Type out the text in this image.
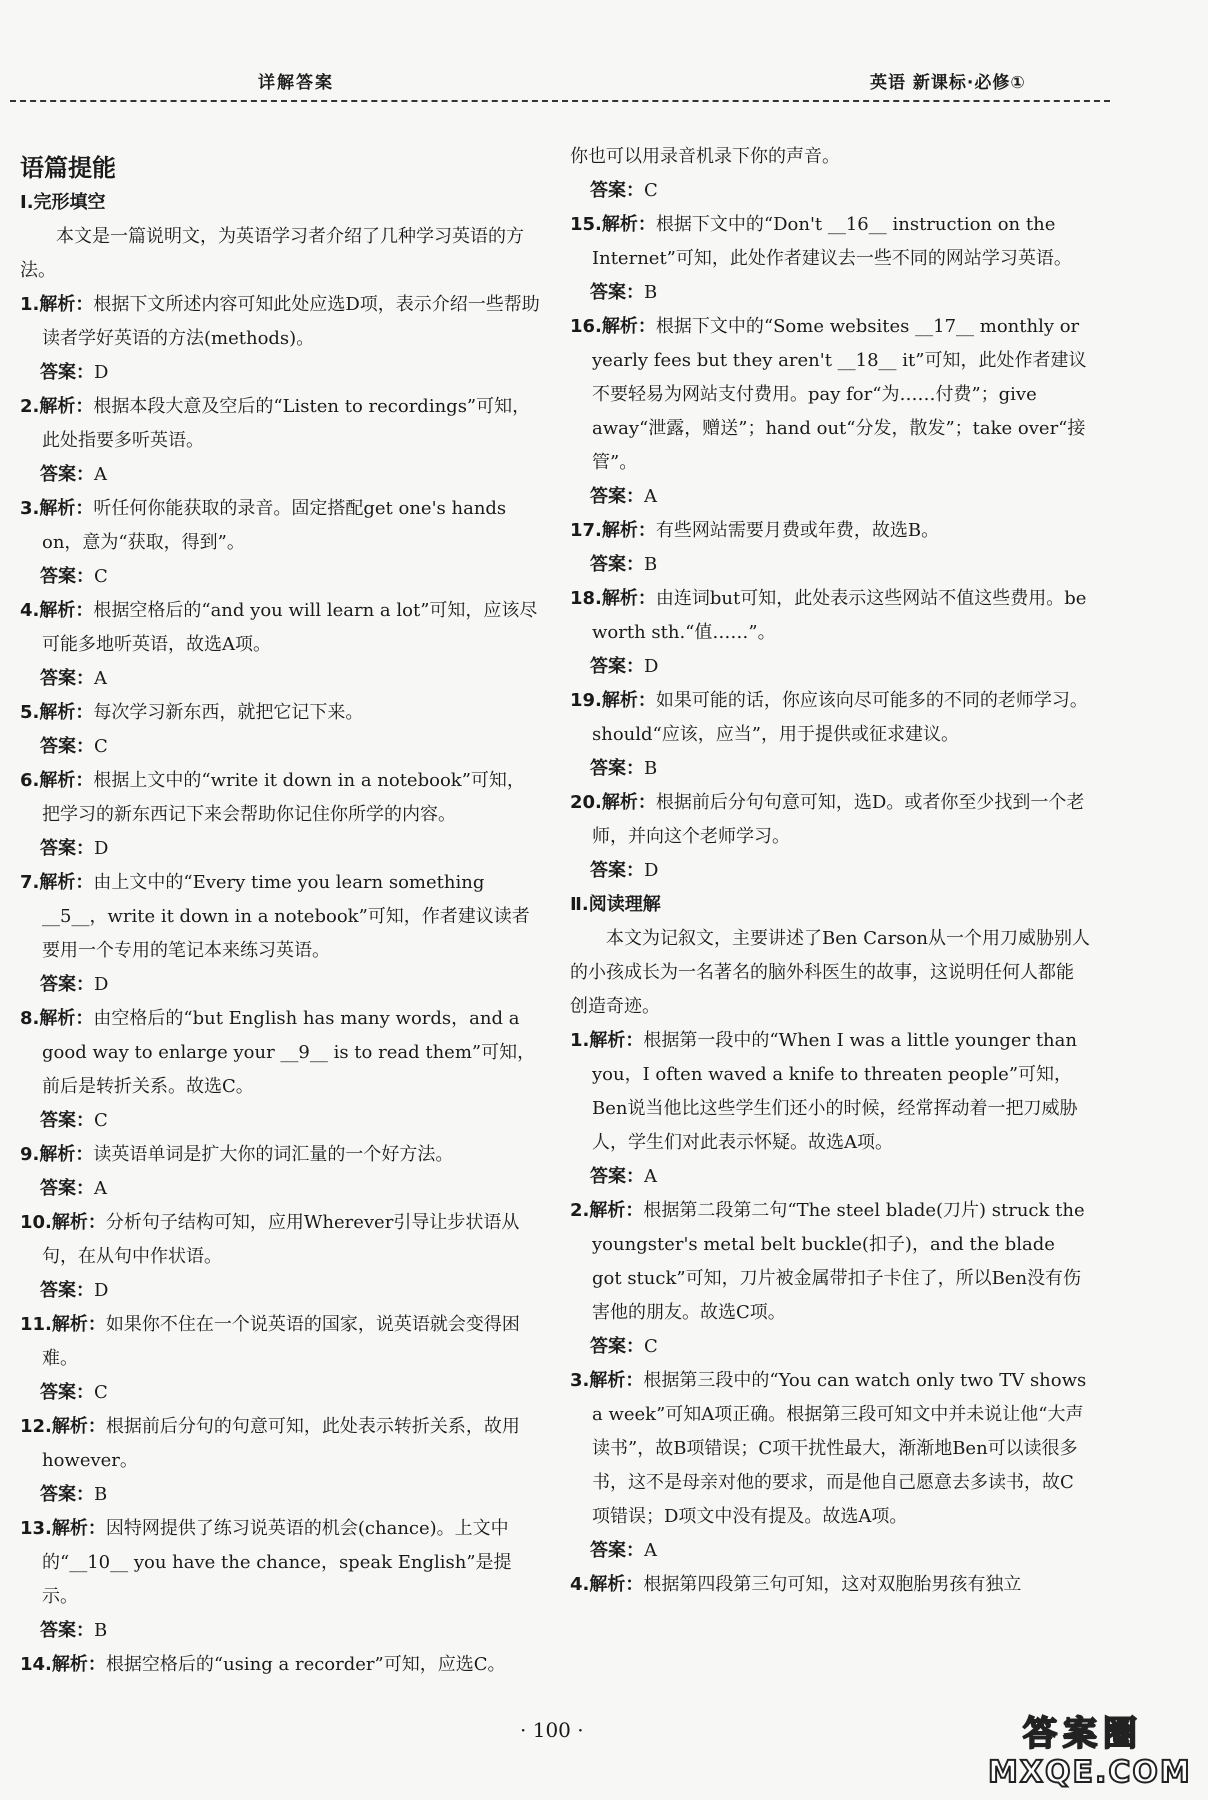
详解答案	英语 新课标·必修①

语篇提能

Ⅰ.完形填空

本文是一篇说明文，为英语学习者介绍了几种学习英语的方法。

1.解析：根据下文所述内容可知此处应选D项，表示介绍一些帮助读者学好英语的方法(methods)。

答案：D

2.解析：根据本段大意及空后的“Listen to recordings”可知，此处指要多听英语。

答案：A

3.解析：听任何你能获取的录音。固定搭配get one's hands on，意为“获取，得到”。

答案：C

4.解析：根据空格后的“and you will learn a lot”可知，应该尽可能多地听英语，故选A项。

答案：A

5.解析：每次学习新东西，就把它记下来。

答案：C

6.解析：根据上文中的“write it down in a notebook”可知，把学习的新东西记下来会帮助你记住你所学的内容。

答案：D

7.解析：由上文中的“Every time you learn something __5__，write it down in a notebook”可知，作者建议读者要用一个专用的笔记本来练习英语。

答案：D

8.解析：由空格后的“but English has many words，and a good way to enlarge your __9__ is to read them”可知，前后是转折关系。故选C。

答案：C

9.解析：读英语单词是扩大你的词汇量的一个好方法。

答案：A

10.解析：分析句子结构可知，应用Wherever引导让步状语从句，在从句中作状语。

答案：D

11.解析：如果你不住在一个说英语的国家，说英语就会变得困难。

答案：C

12.解析：根据前后分句的句意可知，此处表示转折关系，故用however。

答案：B

13.解析：因特网提供了练习说英语的机会(chance)。上文中的“__10__ you have the chance，speak English”是提示。

答案：B

14.解析：根据空格后的“using a recorder”可知，应选C。

你也可以用录音机录下你的声音。

答案：C

15.解析：根据下文中的“Don't __16__ instruction on the Internet”可知，此处作者建议去一些不同的网站学习英语。

答案：B

16.解析：根据下文中的“Some websites __17__ monthly or yearly fees but they aren't __18__ it”可知，此处作者建议不要轻易为网站支付费用。pay for“为……付费”；give away“泄露，赠送”；hand out“分发，散发”；take over“接管”。

答案：A

17.解析：有些网站需要月费或年费，故选B。

答案：B

18.解析：由连词but可知，此处表示这些网站不值这些费用。be worth sth.“值……”。

答案：D

19.解析：如果可能的话，你应该向尽可能多的不同的老师学习。should“应该，应当”，用于提供或征求建议。

答案：B

20.解析：根据前后分句句意可知，选D。或者你至少找到一个老师，并向这个老师学习。

答案：D

Ⅱ.阅读理解

本文为记叙文，主要讲述了Ben Carson从一个用刀威胁别人的小孩成长为一名著名的脑外科医生的故事，这说明任何人都能创造奇迹。

1.解析：根据第一段中的“When I was a little younger than you，I often waved a knife to threaten people”可知，Ben说当他比这些学生们还小的时候，经常挥动着一把刀威胁人，学生们对此表示怀疑。故选A项。

答案：A

2.解析：根据第二段第二句“The steel blade(刀片) struck the youngster's metal belt buckle(扣子)，and the blade got stuck”可知，刀片被金属带扣子卡住了，所以Ben没有伤害他的朋友。故选C项。

答案：C

3.解析：根据第三段中的“You can watch only two TV shows a week”可知A项正确。根据第三段可知文中并未说让他“大声读书”，故B项错误；C项干扰性最大，渐渐地Ben可以读很多书，这不是母亲对他的要求，而是他自己愿意去多读书，故C项错误；D项文中没有提及。故选A项。

答案：A

4.解析：根据第四段第三句可知，这对双胞胎男孩有独立

· 100 ·	答案圈
MXQE.COM
